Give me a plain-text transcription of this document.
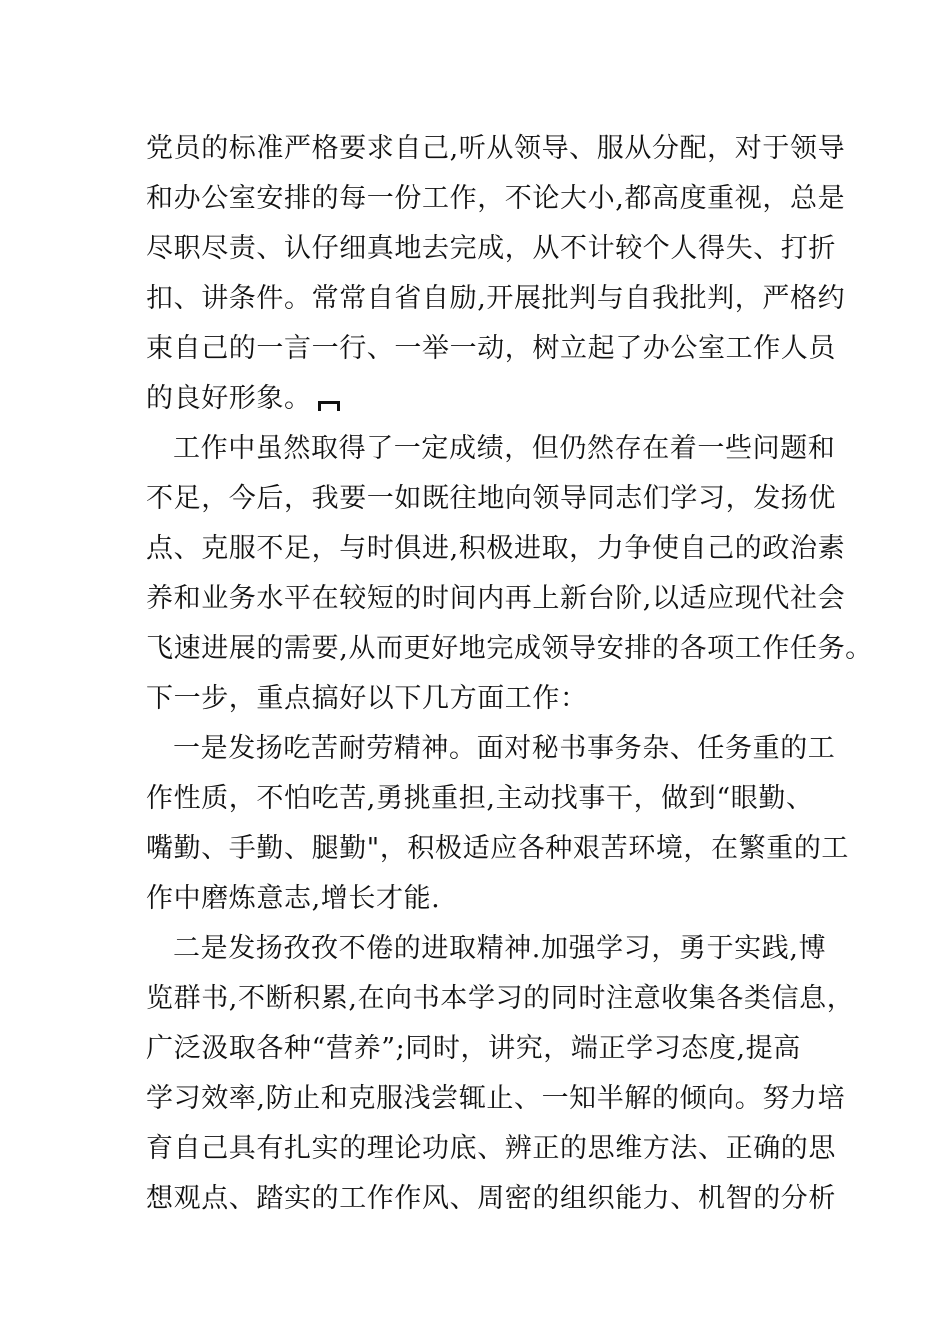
党员的标准严格要求自己,听从领导、服从分配，对于领导
和办公室安排的每一份工作，不论大小,都高度重视，总是
尽职尽责、认仔细真地去完成，从不计较个人得失、打折
扣、讲条件。常常自省自励,开展批判与自我批判，严格约
束自己的一言一行、一举一动，树立起了办公室工作人员
的良好形象。
工作中虽然取得了一定成绩，但仍然存在着一些问题和
不足，今后，我要一如既往地向领导同志们学习，发扬优
点、克服不足，与时俱进,积极进取，力争使自己的政治素
养和业务水平在较短的时间内再上新台阶,以适应现代社会
飞速进展的需要,从而更好地完成领导安排的各项工作任务。
下一步，重点搞好以下几方面工作：
一是发扬吃苦耐劳精神。面对秘书事务杂、任务重的工
作性质，不怕吃苦,勇挑重担,主动找事干，做到“眼勤、
嘴勤、手勤、腿勤"，积极适应各种艰苦环境，在繁重的工
作中磨炼意志,增长才能.
二是发扬孜孜不倦的进取精神.加强学习，勇于实践,博
览群书,不断积累,在向书本学习的同时注意收集各类信息，
广泛汲取各种“营养”;同时，讲究，端正学习态度,提高
学习效率,防止和克服浅尝辄止、一知半解的倾向。努力培
育自己具有扎实的理论功底、辨正的思维方法、正确的思
想观点、踏实的工作作风、周密的组织能力、机智的分析
